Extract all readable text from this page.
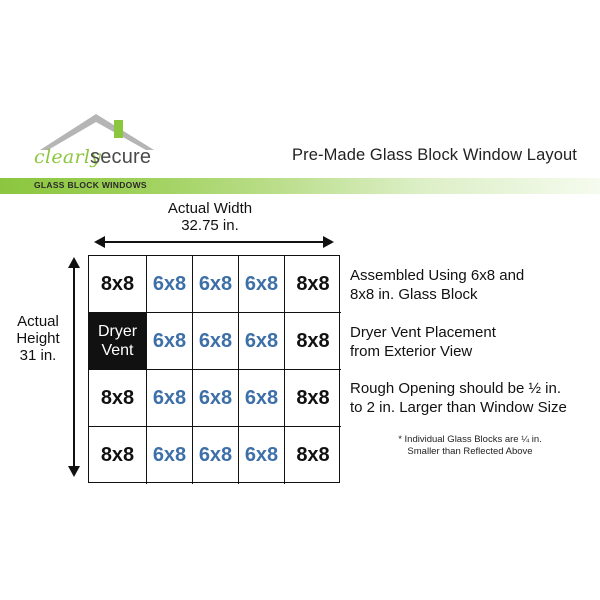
clearly
secure	Pre-Made Glass Block Window Layout
GLASS BLOCK WINDOWS
Actual Width
32.75 in.
Actual
Height
31 in.
8x8 6x8 6x8 6x8 8x8
Dryer
Vent 6x8 6x8 6x8 8x8
8x8 6x8 6x8 6x8 8x8
8x8 6x8 6x8 6x8 8x8
Assembled Using 6x8 and
8x8 in. Glass Block
Dryer Vent Placement
from Exterior View
Rough Opening should be ½ in.
to 2 in. Larger than Window Size
* Individual Glass Blocks are ¼ in.
Smaller than Reflected Above
